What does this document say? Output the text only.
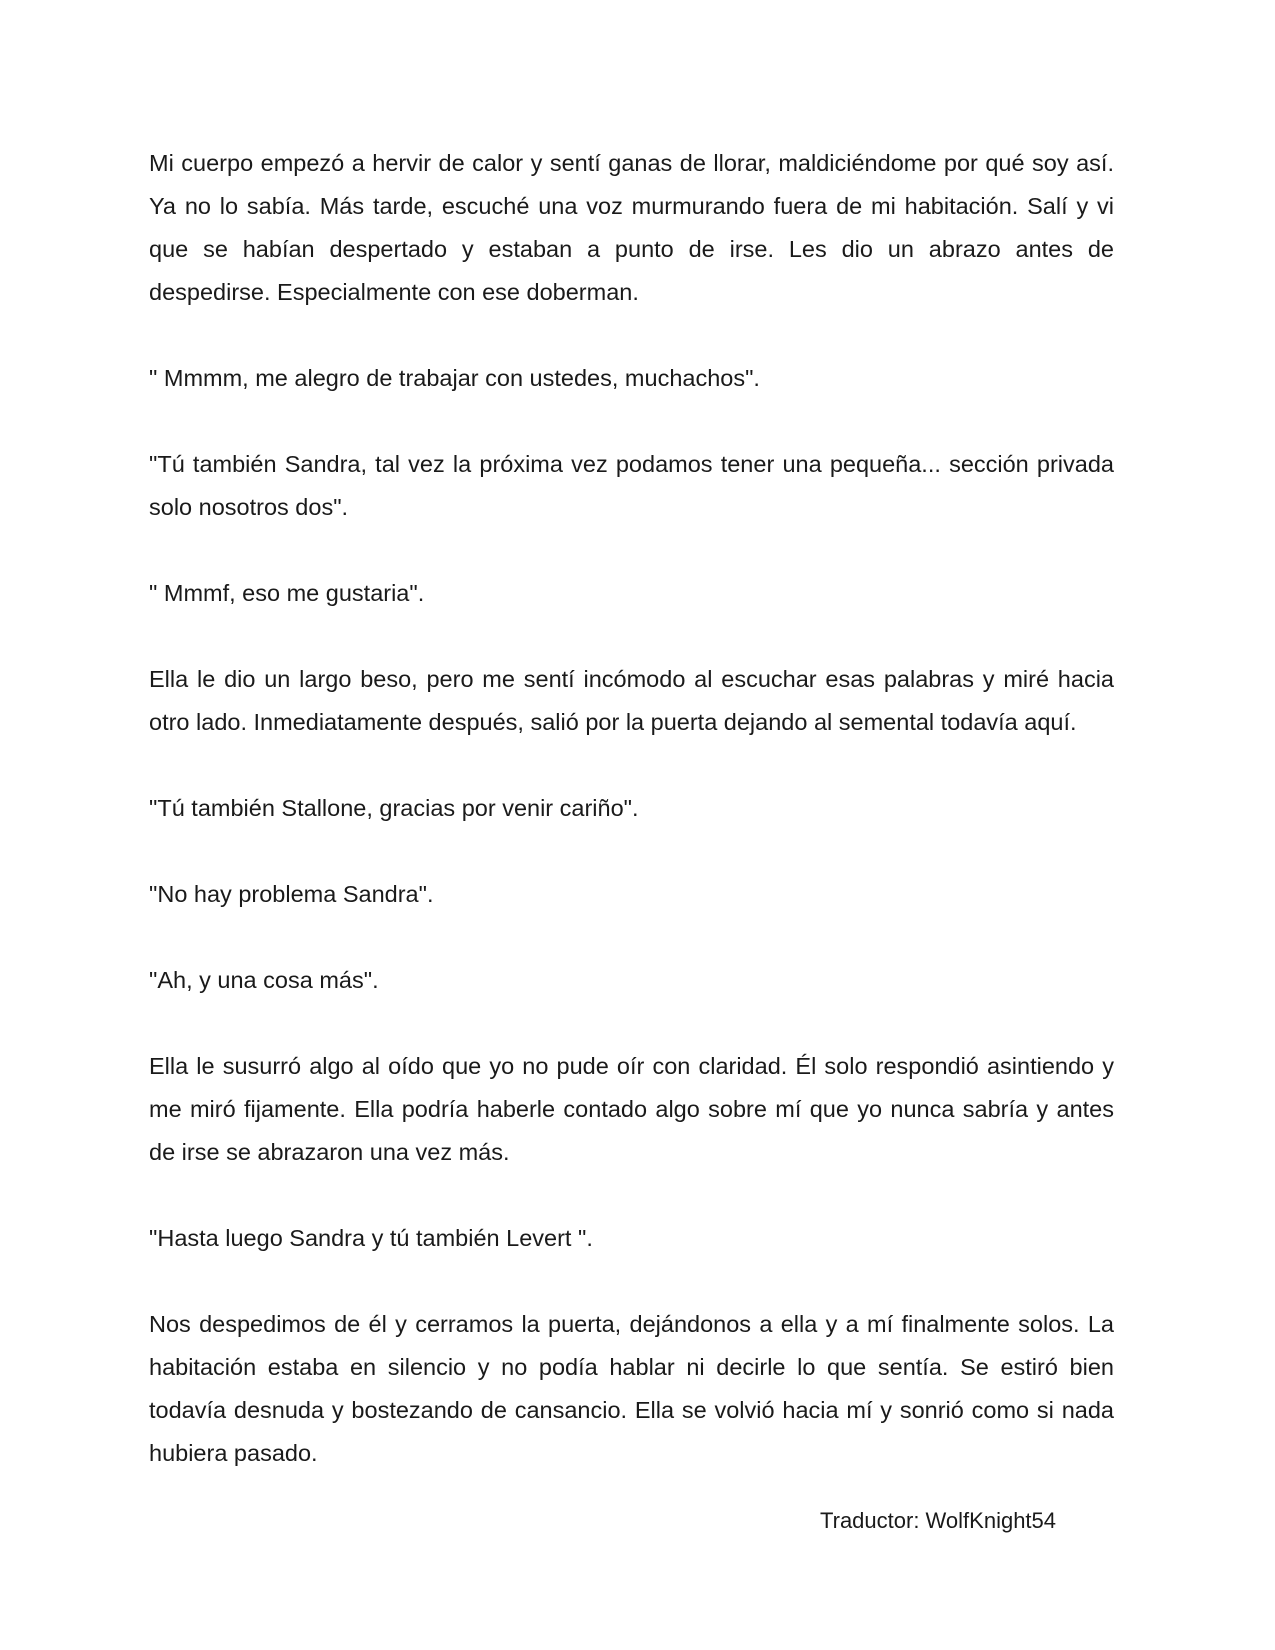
Mi cuerpo empezó a hervir de calor y sentí ganas de llorar, maldiciéndome por qué soy así. Ya no lo sabía. Más tarde, escuché una voz murmurando fuera de mi habitación. Salí y vi que se habían despertado y estaban a punto de irse. Les dio un abrazo antes de despedirse. Especialmente con ese doberman.

" Mmmm, me alegro de trabajar con ustedes, muchachos".

"Tú también Sandra, tal vez la próxima vez podamos tener una pequeña... sección privada solo nosotros dos".

" Mmmf, eso me gustaria".

Ella le dio un largo beso, pero me sentí incómodo al escuchar esas palabras y miré hacia otro lado. Inmediatamente después, salió por la puerta dejando al semental todavía aquí.

"Tú también Stallone, gracias por venir cariño".

"No hay problema Sandra".

"Ah, y una cosa más".

Ella le susurró algo al oído que yo no pude oír con claridad. Él solo respondió asintiendo y me miró fijamente. Ella podría haberle contado algo sobre mí que yo nunca sabría y antes de irse se abrazaron una vez más.

"Hasta luego Sandra y tú también Levert ".

Nos despedimos de él y cerramos la puerta, dejándonos a ella y a mí finalmente solos. La habitación estaba en silencio y no podía hablar ni decirle lo que sentía. Se estiró bien todavía desnuda y bostezando de cansancio. Ella se volvió hacia mí y sonrió como si nada hubiera pasado.

Traductor: WolfKnight54
